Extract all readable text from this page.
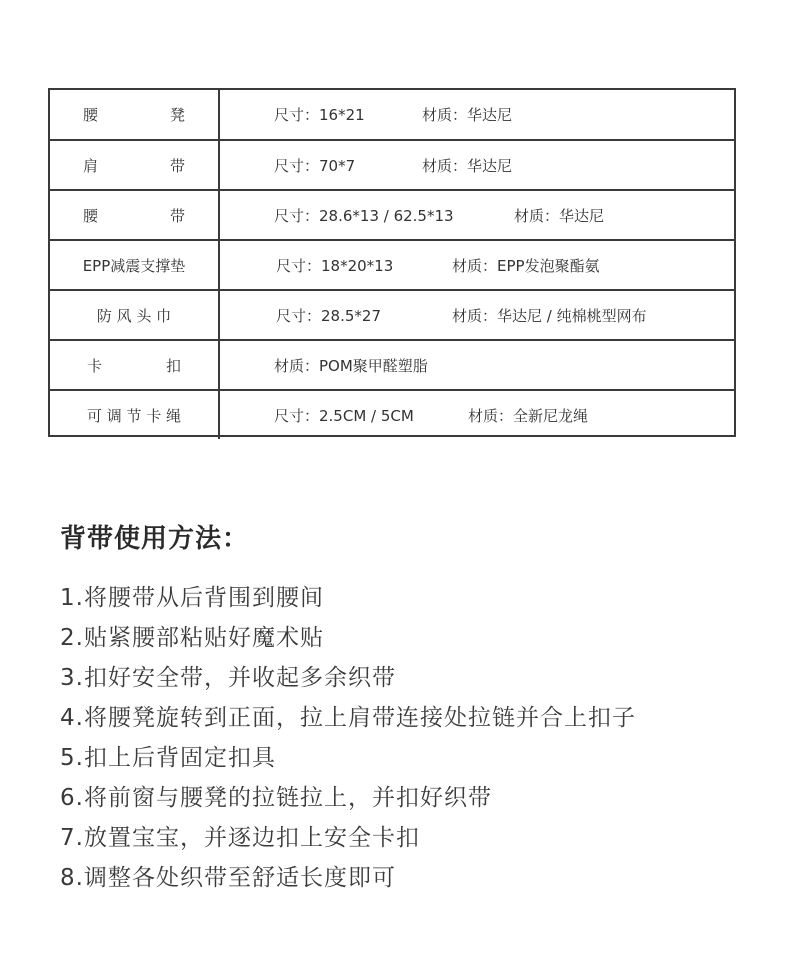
腰	凳	尺寸：16*21	材质：华达尼
肩	带	尺寸：70*7	材质：华达尼
腰	带	尺寸：28.6*13 / 62.5*13	材质：华达尼
EPP减震支撑垫	尺寸：18*20*13	材质：EPP发泡聚酯氨
防 风 头 巾	尺寸：28.5*27	材质：华达尼 / 纯棉桃型网布
卡	扣	材质：POM聚甲醛塑脂
可 调 节 卡 绳	尺寸：2.5CM / 5CM	材质：全新尼龙绳
背带使用方法：
1.将腰带从后背围到腰间
2.贴紧腰部粘贴好魔术贴
3.扣好安全带，并收起多余织带
4.将腰凳旋转到正面，拉上肩带连接处拉链并合上扣子
5.扣上后背固定扣具
6.将前窗与腰凳的拉链拉上，并扣好织带
7.放置宝宝，并逐边扣上安全卡扣
8.调整各处织带至舒适长度即可
